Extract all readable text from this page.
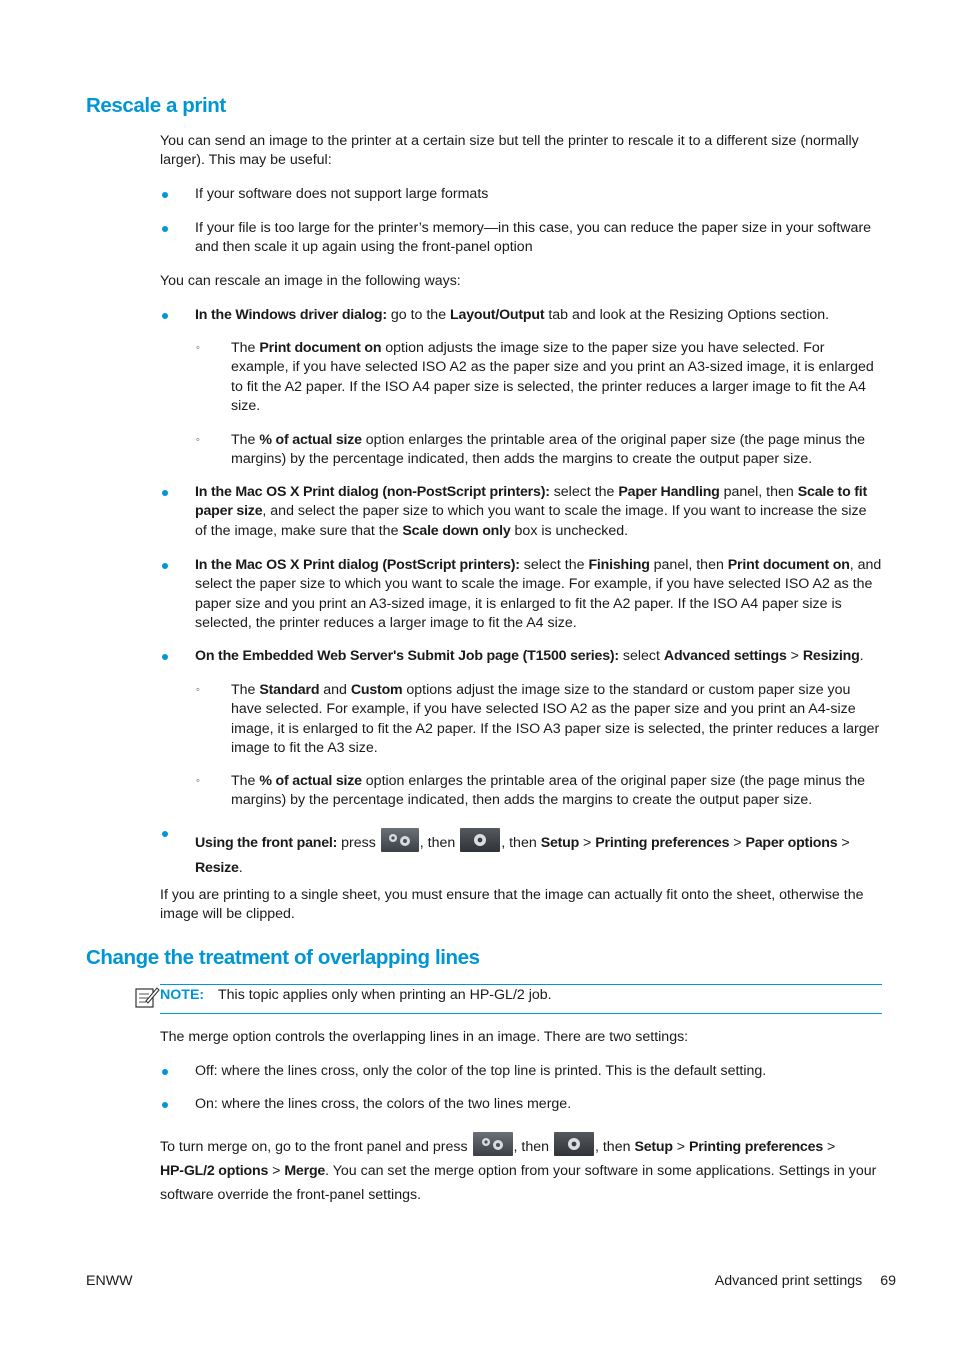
Rescale a print

You can send an image to the printer at a certain size but tell the printer to rescale it to a different size (normally larger). This may be useful:

If your software does not support large formats
If your file is too large for the printer’s memory—in this case, you can reduce the paper size in your software and then scale it up again using the front-panel option

You can rescale an image in the following ways:

In the Windows driver dialog: go to the Layout/Output tab and look at the Resizing Options section.
◦ The Print document on option adjusts the image size to the paper size you have selected. For example, if you have selected ISO A2 as the paper size and you print an A3-sized image, it is enlarged to fit the A2 paper. If the ISO A4 paper size is selected, the printer reduces a larger image to fit the A4 size.
◦ The % of actual size option enlarges the printable area of the original paper size (the page minus the margins) by the percentage indicated, then adds the margins to create the output paper size.
In the Mac OS X Print dialog (non-PostScript printers): select the Paper Handling panel, then Scale to fit paper size, and select the paper size to which you want to scale the image. If you want to increase the size of the image, make sure that the Scale down only box is unchecked.
In the Mac OS X Print dialog (PostScript printers): select the Finishing panel, then Print document on, and select the paper size to which you want to scale the image. For example, if you have selected ISO A2 as the paper size and you print an A3-sized image, it is enlarged to fit the A2 paper. If the ISO A4 paper size is selected, the printer reduces a larger image to fit the A4 size.
On the Embedded Web Server's Submit Job page (T1500 series): select Advanced settings > Resizing.
◦ The Standard and Custom options adjust the image size to the standard or custom paper size you have selected. For example, if you have selected ISO A2 as the paper size and you print an A4-size image, it is enlarged to fit the A2 paper. If the ISO A3 paper size is selected, the printer reduces a larger image to fit the A3 size.
◦ The % of actual size option enlarges the printable area of the original paper size (the page minus the margins) by the percentage indicated, then adds the margins to create the output paper size.
Using the front panel: press	, then	, then Setup > Printing preferences > Paper options > Resize.

If you are printing to a single sheet, you must ensure that the image can actually fit onto the sheet, otherwise the image will be clipped.

Change the treatment of overlapping lines
NOTE: This topic applies only when printing an HP-GL/2 job.

The merge option controls the overlapping lines in an image. There are two settings:

Off: where the lines cross, only the color of the top line is printed. This is the default setting.
On: where the lines cross, the colors of the two lines merge.
To turn merge on, go to the front panel and press	, then	, then Setup > Printing preferences >
HP-GL/2 options > Merge. You can set the merge option from your software in some applications. Settings in your software override the front-panel settings.
ENWW	Advanced print settings 69
